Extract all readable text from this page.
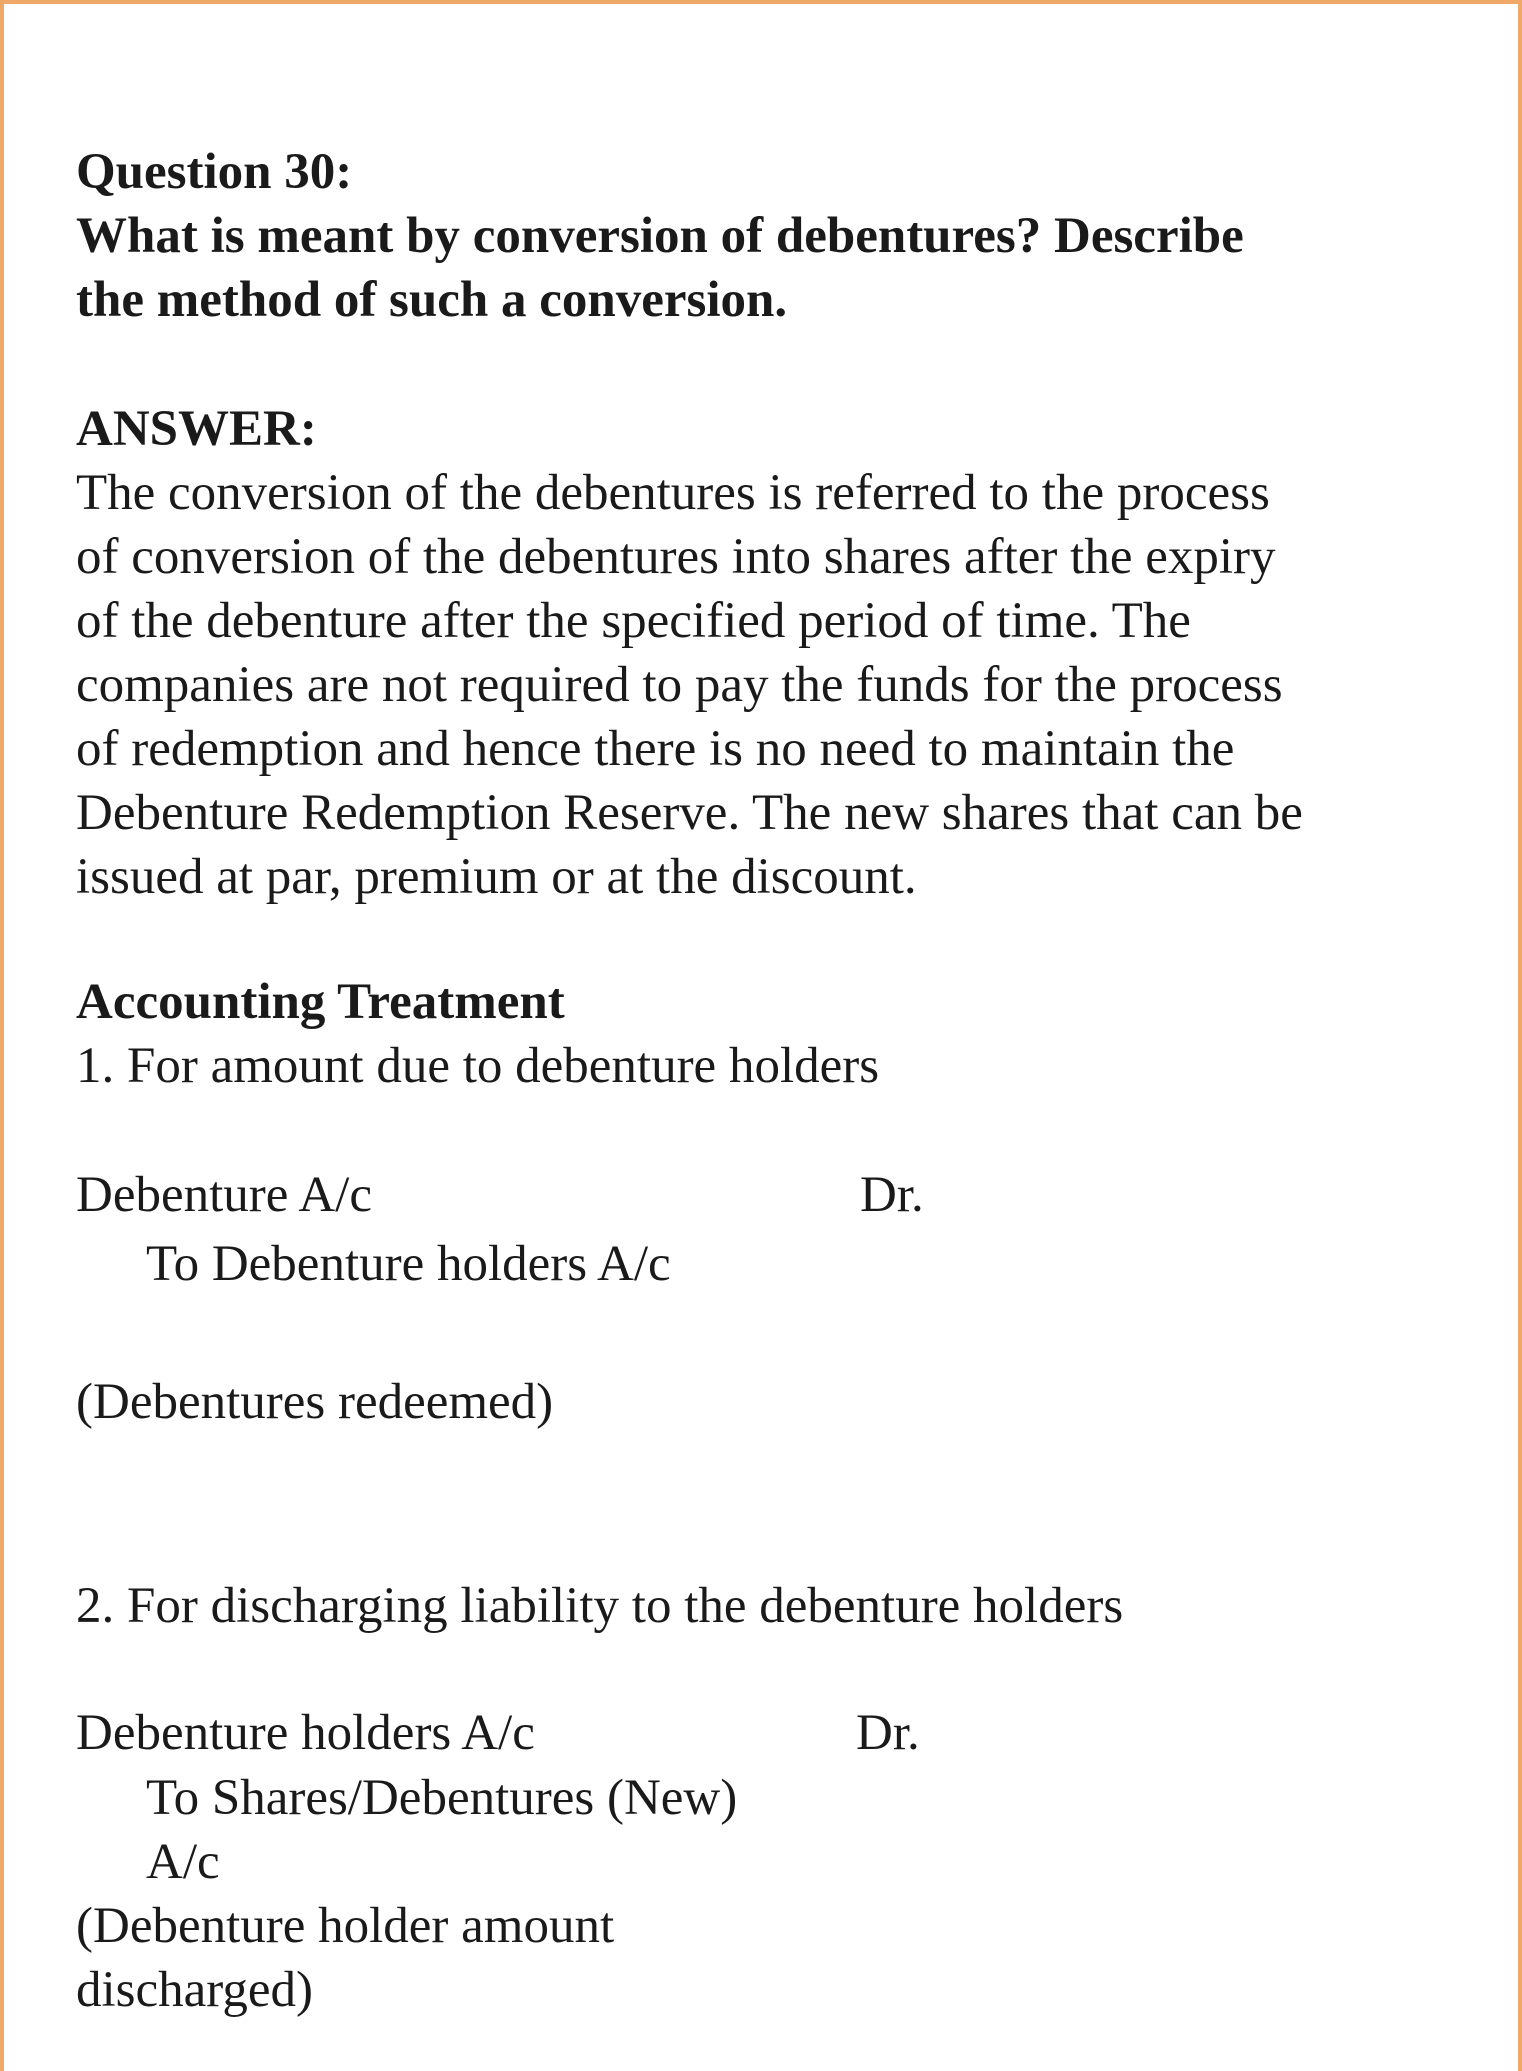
Question 30:
What is meant by conversion of debentures? Describe
the method of such a conversion.
ANSWER:
The conversion of the debentures is referred to the process
of conversion of the debentures into shares after the expiry
of the debenture after the specified period of time. The
companies are not required to pay the funds for the process
of redemption and hence there is no need to maintain the
Debenture Redemption Reserve. The new shares that can be
issued at par, premium or at the discount.
Accounting Treatment
1. For amount due to debenture holders
Debenture A/c	Dr.
To Debenture holders A/c
(Debentures redeemed)
2. For discharging liability to the debenture holders
Debenture holders A/c	Dr.
To Shares/Debentures (New)
A/c
(Debenture holder amount
discharged)
